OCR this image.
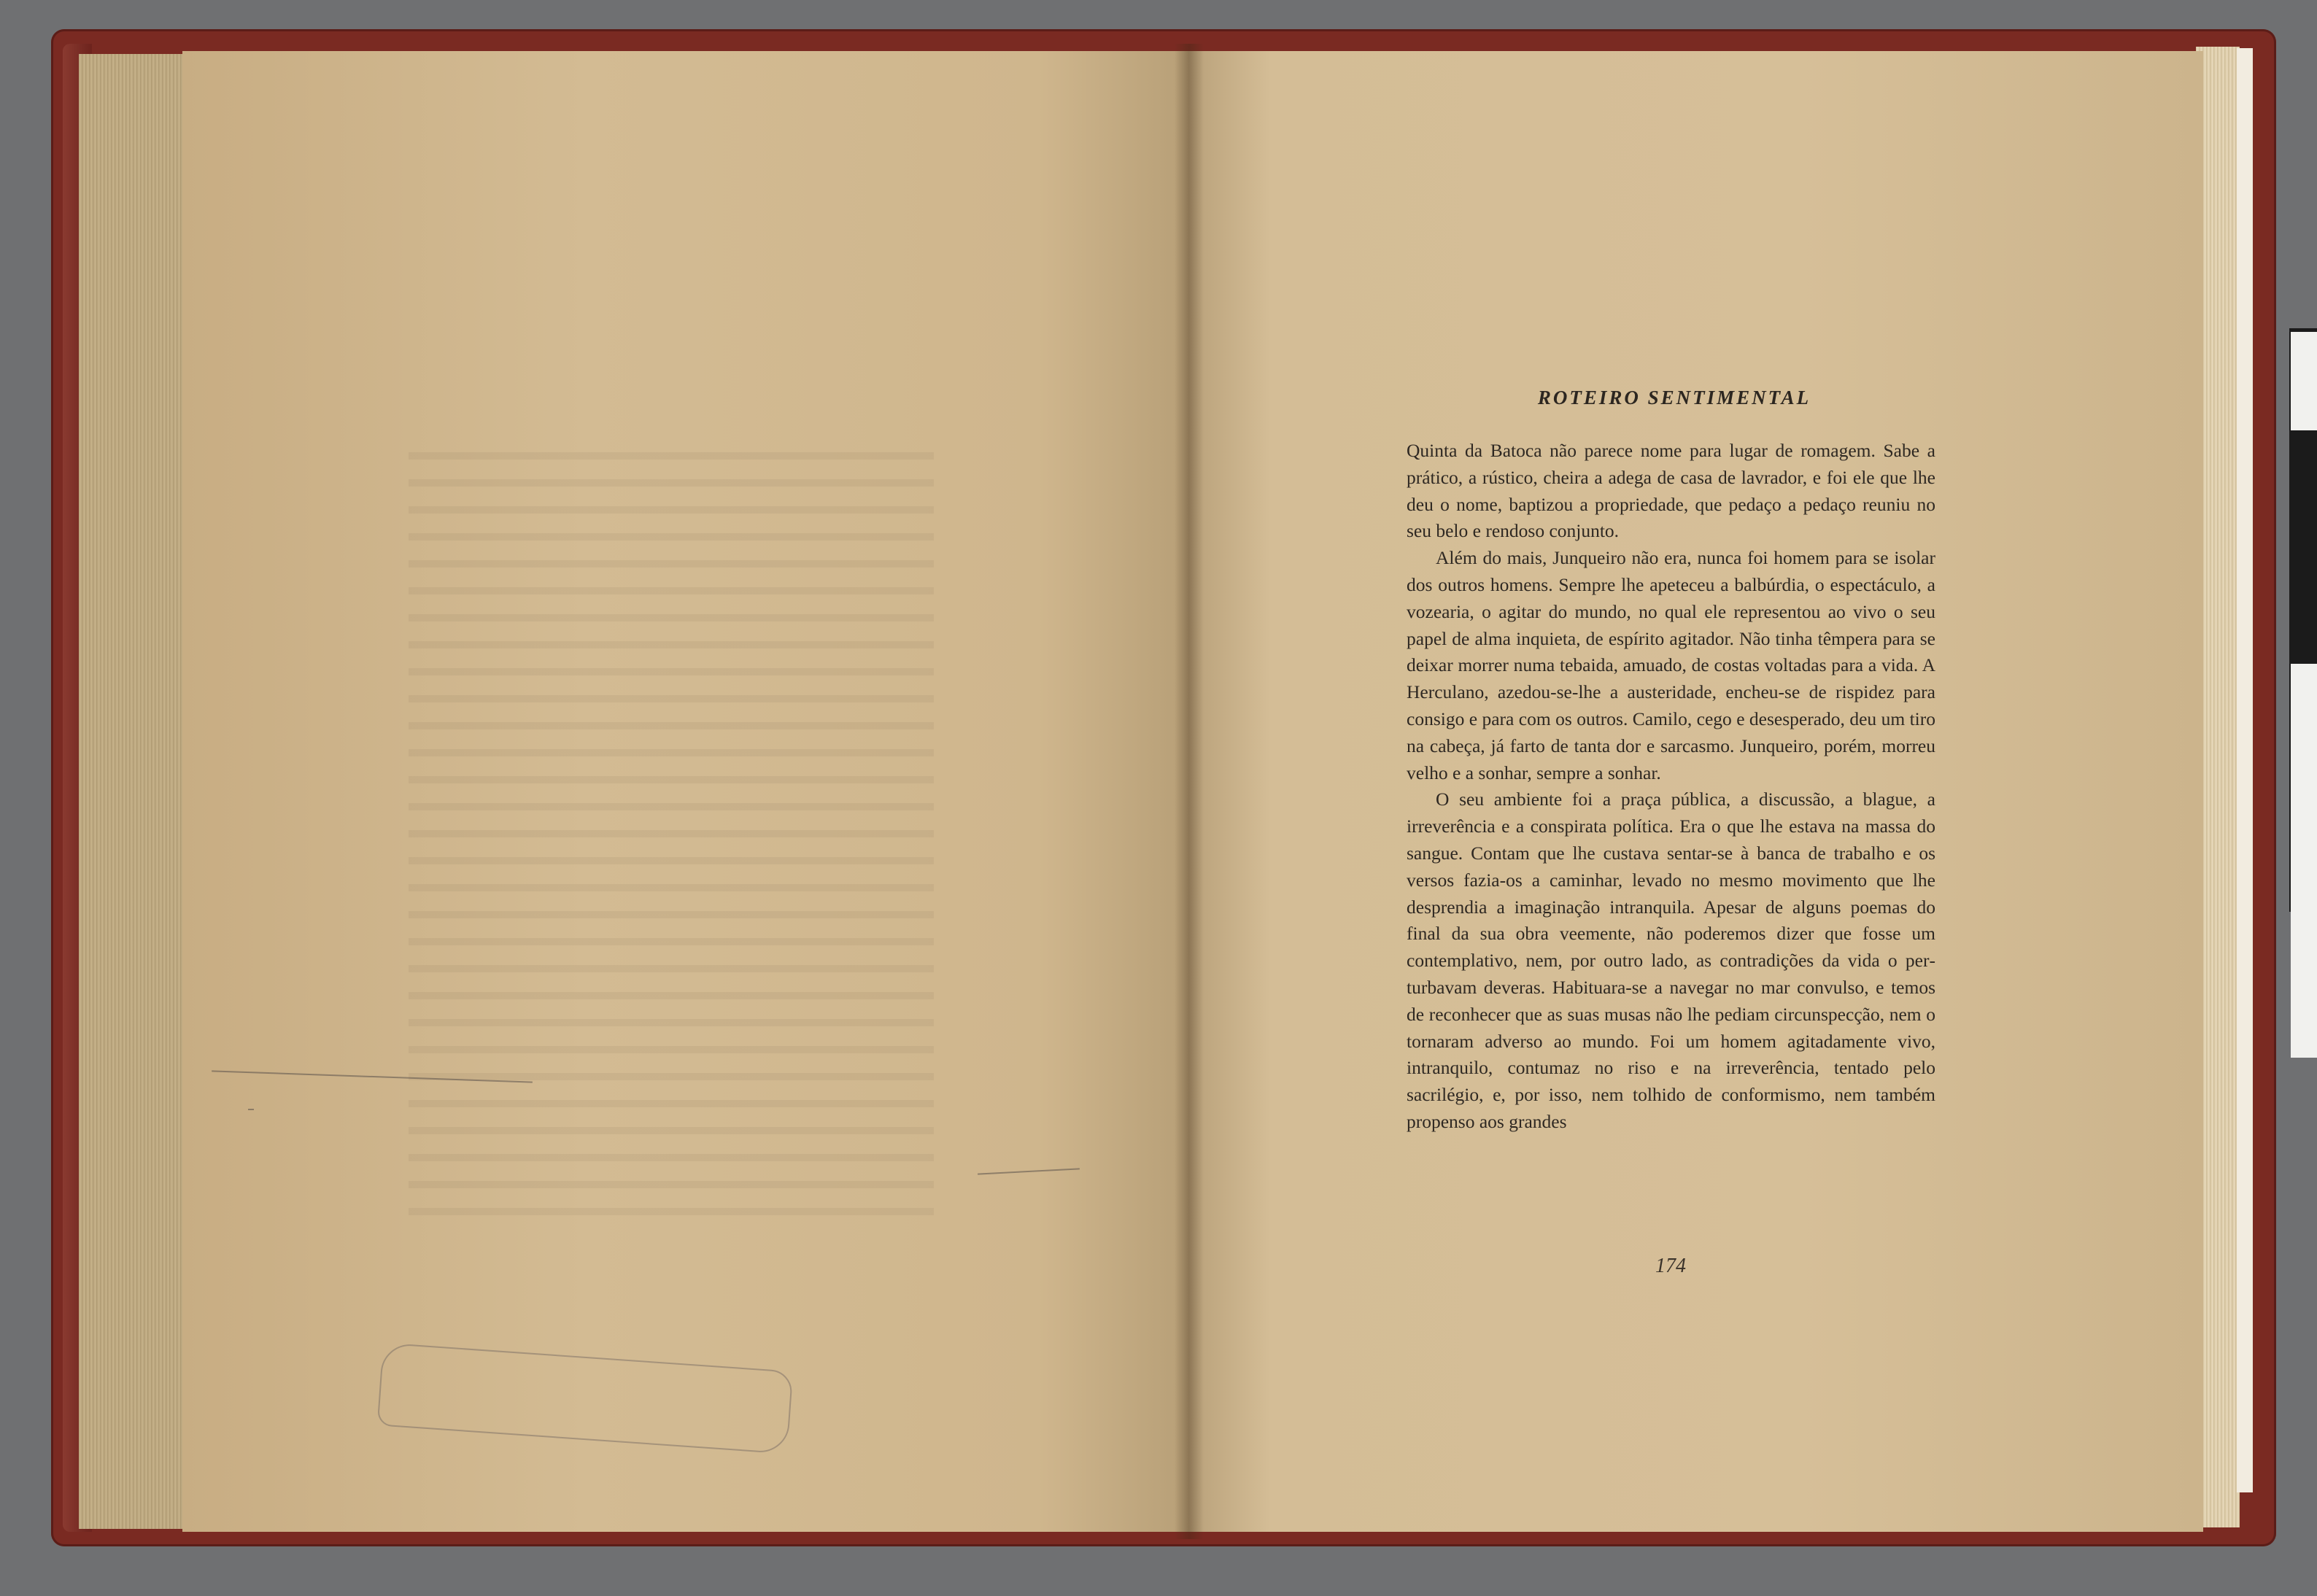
ROTEIRO SENTIMENTAL

Quinta da Batoca não parece nome para lugar de romagem. Sabe a prático, a rústico, cheira a adega de casa de lavrador, e foi ele que lhe deu o nome, baptizou a propriedade, que pedaço a pedaço reuniu no seu belo e rendoso conjunto.

Além do mais, Junqueiro não era, nunca foi homem para se isolar dos outros homens. Sempre lhe apeteceu a balbúrdia, o espectáculo, a vozearia, o agitar do mundo, no qual ele representou ao vivo o seu papel de alma inquieta, de espírito agitador. Não tinha têmpera para se deixar morrer numa tebaida, amuado, de costas voltadas para a vida. A Herculano, azedou-se-lhe a austeridade, encheu-se de rispidez para consigo e para com os outros. Camilo, cego e desesperado, deu um tiro na cabeça, já farto de tanta dor e sarcasmo. Junqueiro, porém, morreu velho e a sonhar, sempre a sonhar.

O seu ambiente foi a praça pública, a discussão, a blague, a irreverência e a conspirata política. Era o que lhe estava na massa do sangue. Contam que lhe custava sentar-se à banca de trabalho e os versos fazia-os a caminhar, levado no mesmo movimento que lhe desprendia a imaginação intranquila. Apesar de alguns poemas do final da sua obra veemente, não poderemos dizer que fosse um contemplativo, nem, por outro lado, as contradições da vida o perturbavam deveras. Habituara-se a navegar no mar convulso, e temos de reconhecer que as suas musas não lhe pediam circunspecção, nem o tornaram adverso ao mundo. Foi um homem agitadamente vivo, intranquilo, contumaz no riso e na irreverência, tentado pelo sacrilégio, e, por isso, nem tolhido de conformismo, nem também propenso aos grandes

174
